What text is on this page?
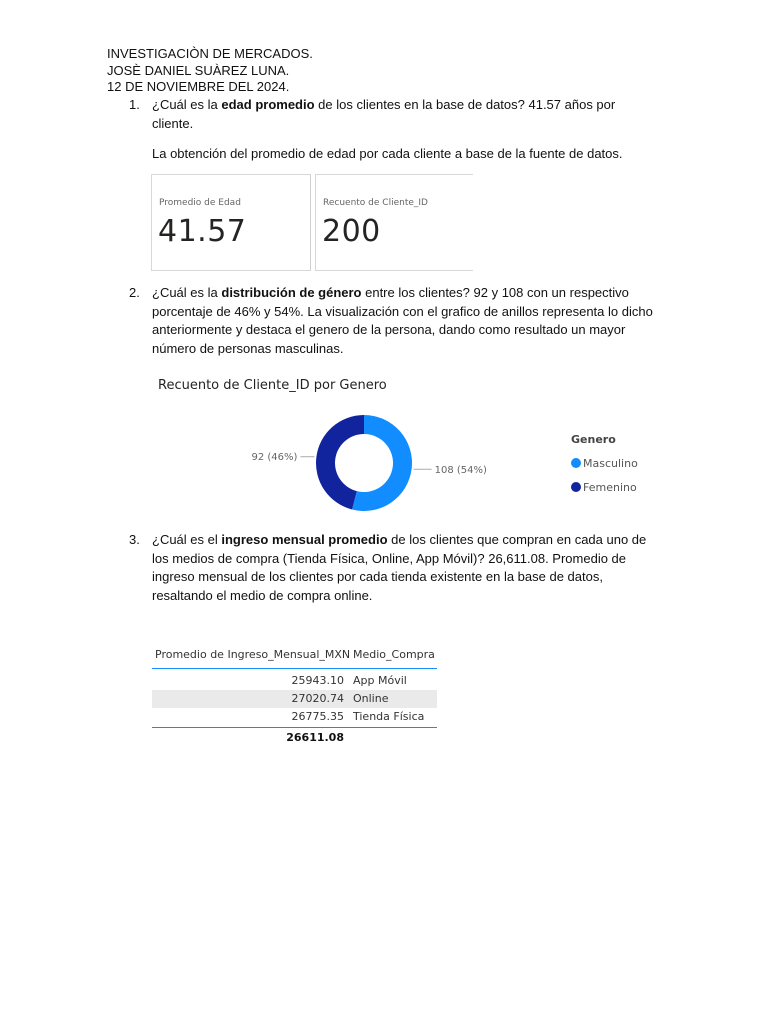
INVESTIGACIÒN DE MERCADOS.
JOSÈ DANIEL SUÀREZ LUNA.
12 DE NOVIEMBRE DEL 2024.
1. ¿Cuál es la edad promedio de los clientes en la base de datos? 41.57 años por cliente.
La obtención del promedio de edad por cada cliente a base de la fuente de datos.
Promedio de Edad
41.57
Recuento de Cliente_ID
200
2. ¿Cuál es la distribución de género entre los clientes? 92 y 108 con un respectivo porcentaje de 46% y 54%. La visualización con el grafico de anillos representa lo dicho anteriormente y destaca el genero de la persona, dando como resultado un mayor número de personas masculinas.
Recuento de Cliente_ID por Genero
108 (54%)
92 (46%)
Genero
Masculino
Femenino
3. ¿Cuál es el ingreso mensual promedio de los clientes que compran en cada uno de los medios de compra (Tienda Física, Online, App Móvil)? 26,611.08. Promedio de ingreso mensual de los clientes por cada tienda existente en la base de datos, resaltando el medio de compra online.
Promedio de Ingreso_Mensual_MXN Medio_Compra
25943.10 App Móvil
27020.74 Online
26775.35 Tienda Física
26611.08
